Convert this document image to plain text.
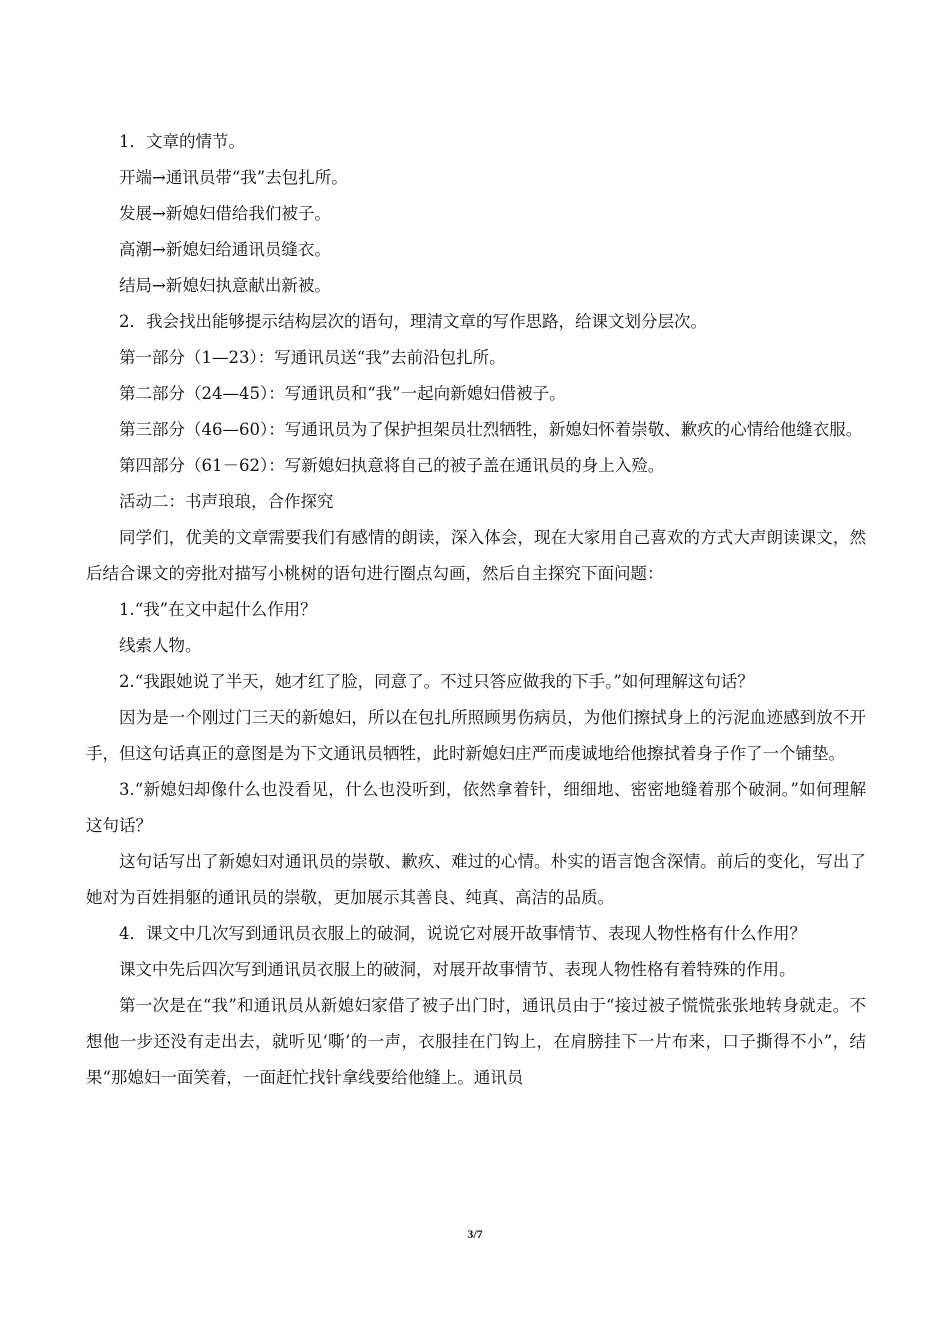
1．文章的情节。

开端→通讯员带“我”去包扎所。

发展→新媳妇借给我们被子。

高潮→新媳妇给通讯员缝衣。

结局→新媳妇执意献出新被。

2．我会找出能够提示结构层次的语句，理清文章的写作思路，给课文划分层次。

第一部分（1—23）：写通讯员送“我”去前沿包扎所。

第二部分（24—45）：写通讯员和“我”一起向新媳妇借被子。

第三部分（46—60）：写通讯员为了保护担架员壮烈牺牲，新媳妇怀着崇敬、歉疚的心情给他缝衣服。

第四部分（61－62）：写新媳妇执意将自己的被子盖在通讯员的身上入殓。

活动二：书声琅琅，合作探究

同学们，优美的文章需要我们有感情的朗读，深入体会，现在大家用自己喜欢的方式大声朗读课文，然后结合课文的旁批对描写小桃树的语句进行圈点勾画，然后自主探究下面问题：

1.“我”在文中起什么作用？

线索人物。

2.“我跟她说了半天，她才红了脸，同意了。不过只答应做我的下手。”如何理解这句话？

因为是一个刚过门三天的新媳妇，所以在包扎所照顾男伤病员，为他们擦拭身上的污泥血迹感到放不开手，但这句话真正的意图是为下文通讯员牺牲，此时新媳妇庄严而虔诚地给他擦拭着身子作了一个铺垫。

3.“新媳妇却像什么也没看见，什么也没听到，依然拿着针，细细地、密密地缝着那个破洞。”如何理解这句话？

这句话写出了新媳妇对通讯员的崇敬、歉疚、难过的心情。朴实的语言饱含深情。前后的变化，写出了她对为百姓捐躯的通讯员的崇敬，更加展示其善良、纯真、高洁的品质。

4．课文中几次写到通讯员衣服上的破洞，说说它对展开故事情节、表现人物性格有什么作用？

课文中先后四次写到通讯员衣服上的破洞，对展开故事情节、表现人物性格有着特殊的作用。

第一次是在“我”和通讯员从新媳妇家借了被子出门时，通讯员由于“接过被子慌慌张张地转身就走。不想他一步还没有走出去，就听见‘嘶’的一声，衣服挂在门钩上，在肩膀挂下一片布来，口子撕得不小”，结果“那媳妇一面笑着，一面赶忙找针拿线要给他缝上。通讯员

3/7
